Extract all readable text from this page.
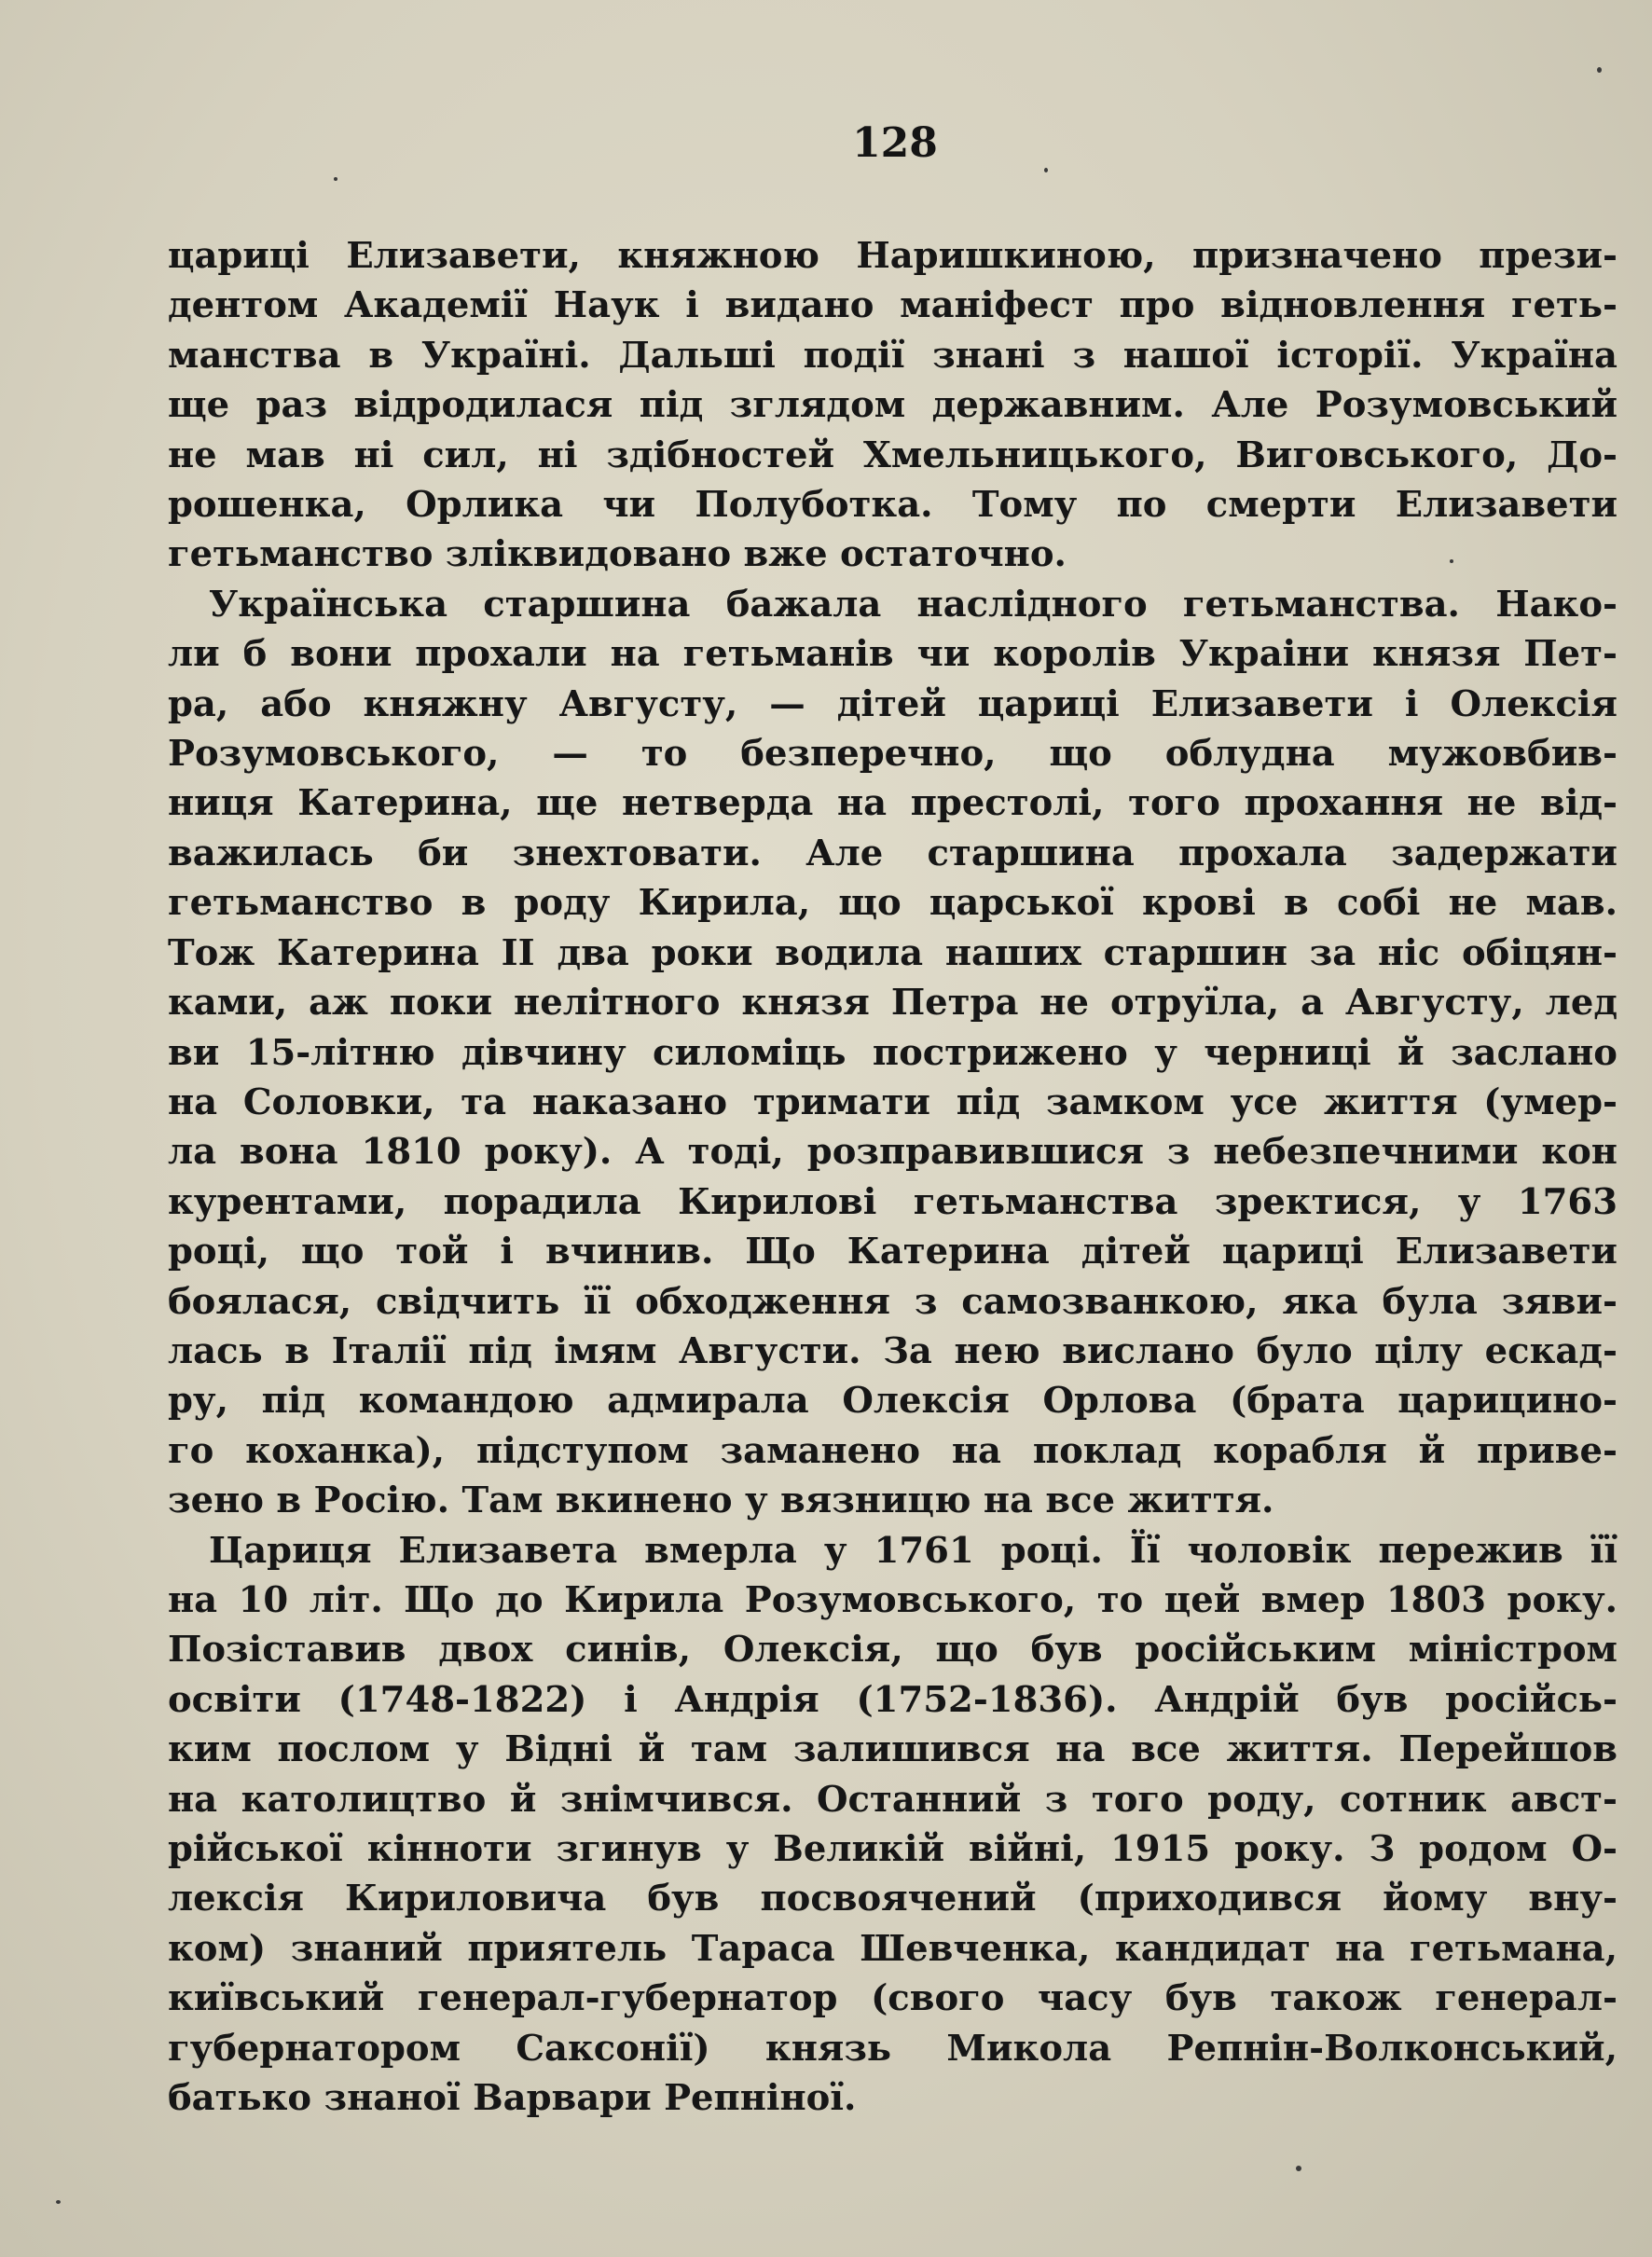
128
цариці Елизавети, княжною Наришкиною, призначено прези-
дентом Академії Наук і видано маніфест про відновлення геть-
манства в Україні. Дальші події знані з нашої історії. Україна
ще раз відродилася під зглядом державним. Але Розумовський
не мав ні сил, ні здібностей Хмельницького, Виговського, До-
рошенка, Орлика чи Полуботка. Тому по смерти Елизавети
гетьманство зліквидовано вже остаточно.
Українська старшина бажала наслідного гетьманства. Нако-
ли б вони прохали на гетьманів чи королів Украіни князя Пет-
ра, або княжну Августу, — дітей цариці Елизавети і Олексія
Розумовського, — то безперечно, що облудна мужовбив-
ниця Катерина, ще нетверда на престолі, того прохання не від-
важилась би знехтовати. Але старшина прохала задержати
гетьманство в роду Кирила, що царської крові в собі не мав.
Тож Катерина II два роки водила наших старшин за ніс обіцян-
ками, аж поки нелітного князя Петра не отруїла, а Августу, лед
ви 15-літню дівчину силоміць пострижено у черниці й заслано
на Соловки, та наказано тримати під замком усе життя (умер-
ла вона 1810 року). А тоді, розправившися з небезпечними кон
курентами, порадила Кирилові гетьманства зректися, у 1763
році, що той і вчинив. Що Катерина дітей цариці Елизавети
боялася, свідчить її обходження з самозванкою, яка була зяви-
лась в Італії під імям Августи. За нею вислано було цілу ескад-
ру, під командою адмирала Олексія Орлова (брата царицино-
го коханка), підступом заманено на поклад корабля й приве-
зено в Росію. Там вкинено у вязницю на все життя.
Цариця Елизавета вмерла у 1761 році. Її чоловік пережив її
на 10 літ. Що до Кирила Розумовського, то цей вмер 1803 року.
Позіставив двох синів, Олексія, що був російським міністром
освіти (1748-1822) і Андрія (1752-1836). Андрій був російсь-
ким послом у Відні й там залишився на все життя. Перейшов
на католицтво й знімчився. Останний з того роду, сотник авст-
рійської кінноти згинув у Великій війні, 1915 року. З родом О-
лексія Кириловича був посвоячений (приходився йому вну-
ком) знаний приятель Тараса Шевченка, кандидат на гетьмана,
київський генерал-губернатор (свого часу був також генерал-
губернатором Саксонії) князь Микола Репнін-Волконський,
батько знаної Варвари Репніної.
